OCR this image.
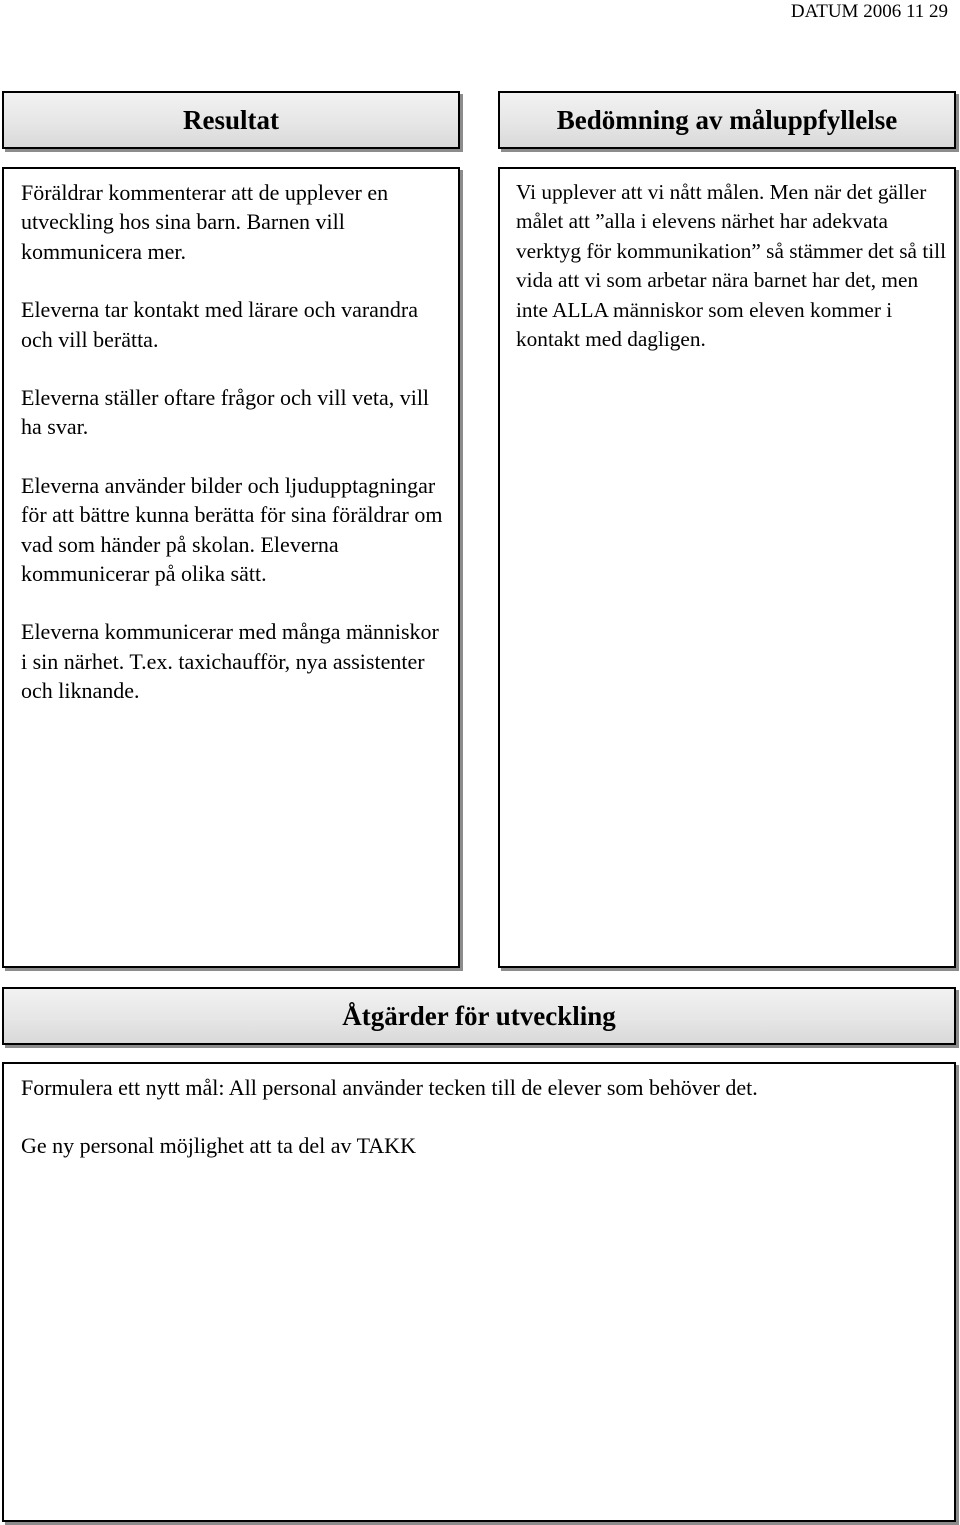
DATUM 2006 11 29
Resultat	Bedömning av måluppfyllelse

Föräldrar kommenterar att de upplever en utveckling hos sina barn. Barnen vill kommunicera mer.

Eleverna tar kontakt med lärare och varandra och vill berätta.

Eleverna ställer oftare frågor och vill veta, vill ha svar.

Eleverna använder bilder och ljudupptagningar för att bättre kunna berätta för sina föräldrar om vad som händer på skolan. Eleverna kommunicerar på olika sätt.

Eleverna kommunicerar med många människor i sin närhet. T.ex. taxichaufför, nya assistenter och liknande.

Vi upplever att vi nått målen. Men när det gäller målet att ”alla i elevens närhet har adekvata verktyg för kommunikation” så stämmer det så till vida att vi som arbetar nära barnet har det, men inte ALLA människor som eleven kommer i kontakt med dagligen.

Åtgärder för utveckling

Formulera ett nytt mål: All personal använder tecken till de elever som behöver det.

Ge ny personal möjlighet att ta del av TAKK
